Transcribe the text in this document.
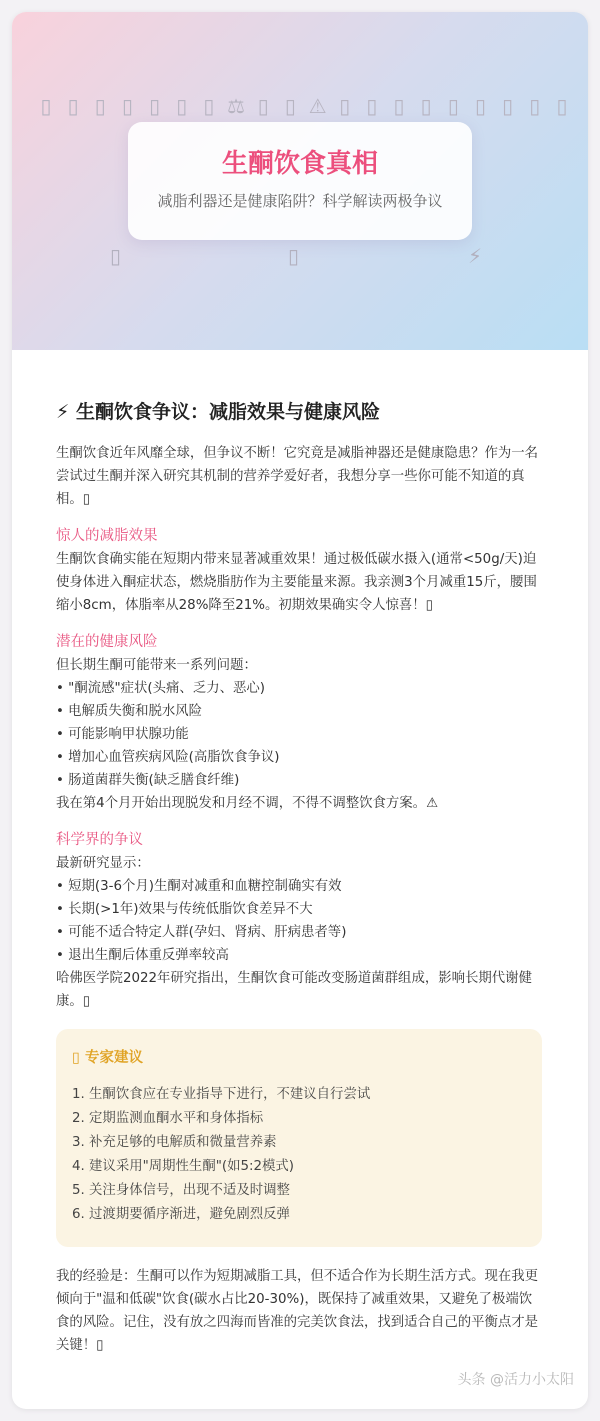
▯ ▯ ▯ ▯ ▯ ▯ ▯ ⚖ ▯ ▯ ⚠ ▯ ▯ ▯ ▯ ▯ ▯ ▯ ▯ ▯
生酮饮食真相
减脂利器还是健康陷阱？科学解读两极争议
▯	▯	⚡
⚡ 生酮饮食争议：减脂效果与健康风险

生酮饮食近年风靡全球，但争议不断！它究竟是减脂神器还是健康隐患？作为一名尝试过生酮并深入研究其机制的营养学爱好者，我想分享一些你可能不知道的真相。▯

惊人的减脂效果

生酮饮食确实能在短期内带来显著减重效果！通过极低碳水摄入(通常<50g/天)迫使身体进入酮症状态，燃烧脂肪作为主要能量来源。我亲测3个月减重15斤，腰围缩小8cm，体脂率从28%降至21%。初期效果确实令人惊喜！▯

潜在的健康风险

但长期生酮可能带来一系列问题：

• "酮流感"症状(头痛、乏力、恶心)
• 电解质失衡和脱水风险
• 可能影响甲状腺功能
• 增加心血管疾病风险(高脂饮食争议)
• 肠道菌群失衡(缺乏膳食纤维)

我在第4个月开始出现脱发和月经不调，不得不调整饮食方案。⚠

科学界的争议

最新研究显示：

• 短期(3-6个月)生酮对减重和血糖控制确实有效
• 长期(>1年)效果与传统低脂饮食差异不大
• 可能不适合特定人群(孕妇、肾病、肝病患者等)
• 退出生酮后体重反弹率较高

哈佛医学院2022年研究指出，生酮饮食可能改变肠道菌群组成，影响长期代谢健康。▯

▯ 专家建议
1. 生酮饮食应在专业指导下进行，不建议自行尝试
2. 定期监测血酮水平和身体指标
3. 补充足够的电解质和微量营养素
4. 建议采用"周期性生酮"(如5:2模式)
5. 关注身体信号，出现不适及时调整
6. 过渡期要循序渐进，避免剧烈反弹

我的经验是：生酮可以作为短期减脂工具，但不适合作为长期生活方式。现在我更倾向于"温和低碳"饮食(碳水占比20-30%)，既保持了减重效果，又避免了极端饮食的风险。记住，没有放之四海而皆准的完美饮食法，找到适合自己的平衡点才是关键！▯

头条 @活力小太阳
